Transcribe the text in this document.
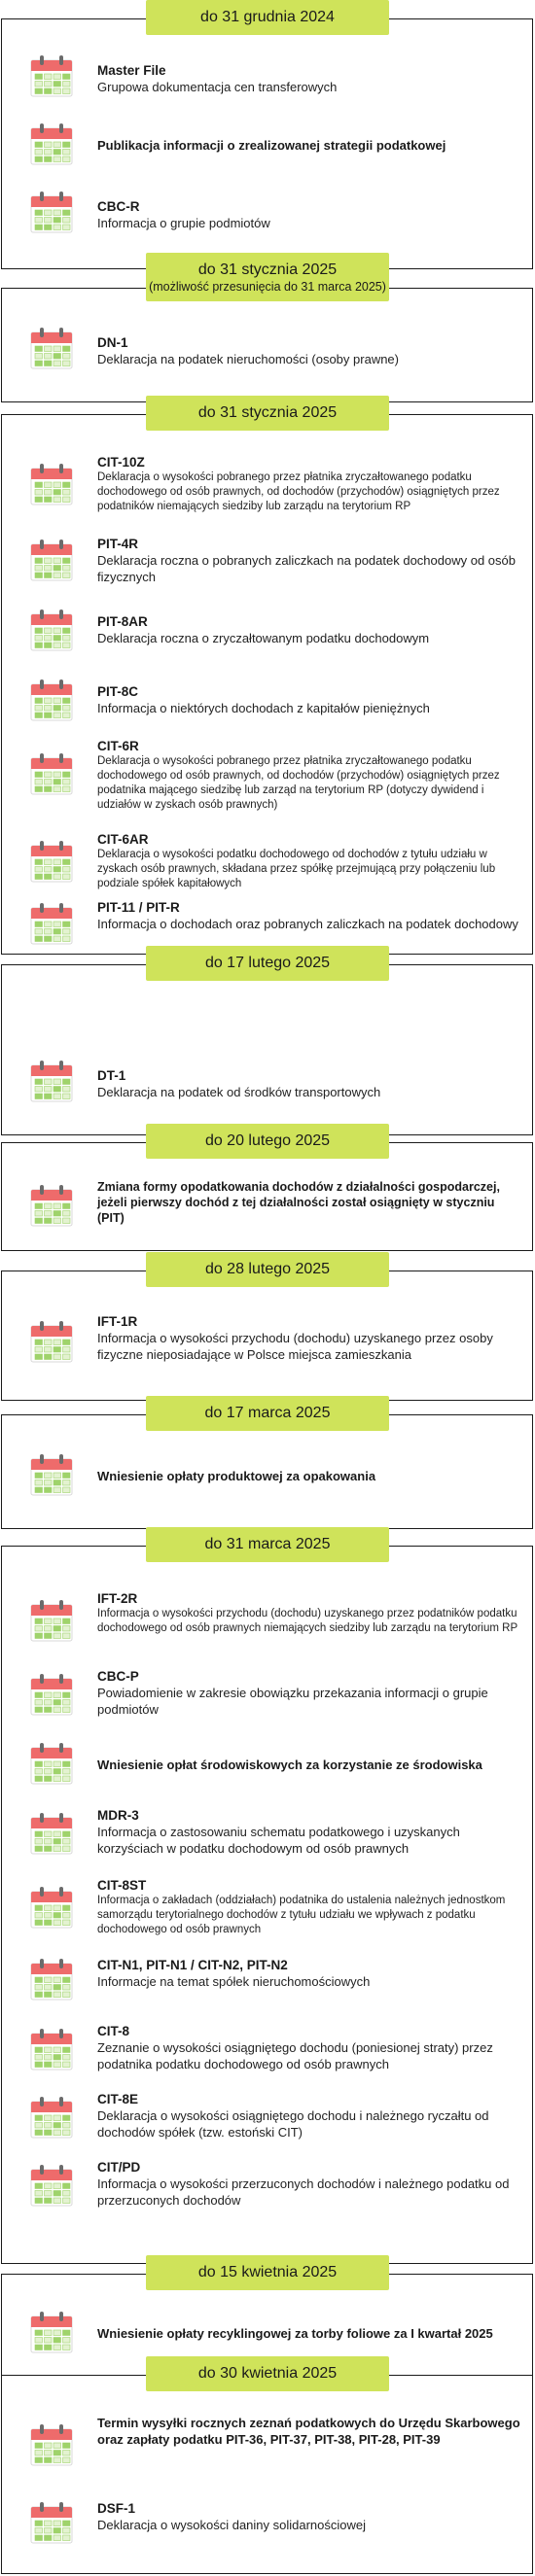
do 31 grudnia 2024
Master File
Grupowa dokumentacja cen transferowych
Publikacja informacji o zrealizowanej strategii podatkowej
CBC-R
Informacja o grupie podmiotów
do 31 stycznia 2025
(możliwość przesunięcia do 31 marca 2025)
DN-1
Deklaracja na podatek nieruchomości (osoby prawne)
do 31 stycznia 2025
CIT-10Z
Deklaracja o wysokości pobranego przez płatnika zryczałtowanego podatku dochodowego od osób prawnych, od dochodów (przychodów) osiągniętych przez podatników niemających siedziby lub zarządu na terytorium RP
PIT-4R
Deklaracja roczna o pobranych zaliczkach na podatek dochodowy od osób fizycznych
PIT-8AR
Deklaracja roczna o zryczałtowanym podatku dochodowym
PIT-8C
Informacja o niektórych dochodach z kapitałów pieniężnych
CIT-6R
Deklaracja o wysokości pobranego przez płatnika zryczałtowanego podatku dochodowego od osób prawnych, od dochodów (przychodów) osiągniętych przez podatnika mającego siedzibę lub zarząd na terytorium RP (dotyczy dywidend i udziałów w zyskach osób prawnych)
CIT-6AR
Deklaracja o wysokości podatku dochodowego od dochodów z tytułu udziału w zyskach osób prawnych, składana przez spółkę przejmującą przy połączeniu lub podziale spółek kapitałowych
PIT-11 / PIT-R
Informacja o dochodach oraz pobranych zaliczkach na podatek dochodowy
do 17 lutego 2025
DT-1
Deklaracja na podatek od środków transportowych
do 20 lutego 2025
Zmiana formy opodatkowania dochodów z działalności gospodarczej, jeżeli pierwszy dochód z tej działalności został osiągnięty w styczniu (PIT)
do 28 lutego 2025
IFT-1R
Informacja o wysokości przychodu (dochodu) uzyskanego przez osoby fizyczne nieposiadające w Polsce miejsca zamieszkania
do 17 marca 2025
Wniesienie opłaty produktowej za opakowania
do 31 marca 2025
IFT-2R
Informacja o wysokości przychodu (dochodu) uzyskanego przez podatników podatku dochodowego od osób prawnych niemających siedziby lub zarządu na terytorium RP
CBC-P
Powiadomienie w zakresie obowiązku przekazania informacji o grupie podmiotów
Wniesienie opłat środowiskowych za korzystanie ze środowiska
MDR-3
Informacja o zastosowaniu schematu podatkowego i uzyskanych korzyściach w podatku dochodowym od osób prawnych
CIT-8ST
Informacja o zakładach (oddziałach) podatnika do ustalenia należnych jednostkom samorządu terytorialnego dochodów z tytułu udziału we wpływach z podatku dochodowego od osób prawnych
CIT-N1, PIT-N1 / CIT-N2, PIT-N2
Informacje na temat spółek nieruchomościowych
CIT-8
Zeznanie o wysokości osiągniętego dochodu (poniesionej straty) przez podatnika podatku dochodowego od osób prawnych
CIT-8E
Deklaracja o wysokości osiągniętego dochodu i należnego ryczałtu od dochodów spółek (tzw. estoński CIT)
CIT/PD
Informacja o wysokości przerzuconych dochodów i należnego podatku od przerzuconych dochodów
do 15 kwietnia 2025
Wniesienie opłaty recyklingowej za torby foliowe za I kwartał 2025
do 30 kwietnia 2025
Termin wysyłki rocznych zeznań podatkowych do Urzędu Skarbowego oraz zapłaty podatku PIT-36, PIT-37, PIT-38, PIT-28, PIT-39
DSF-1
Deklaracja o wysokości daniny solidarnościowej
